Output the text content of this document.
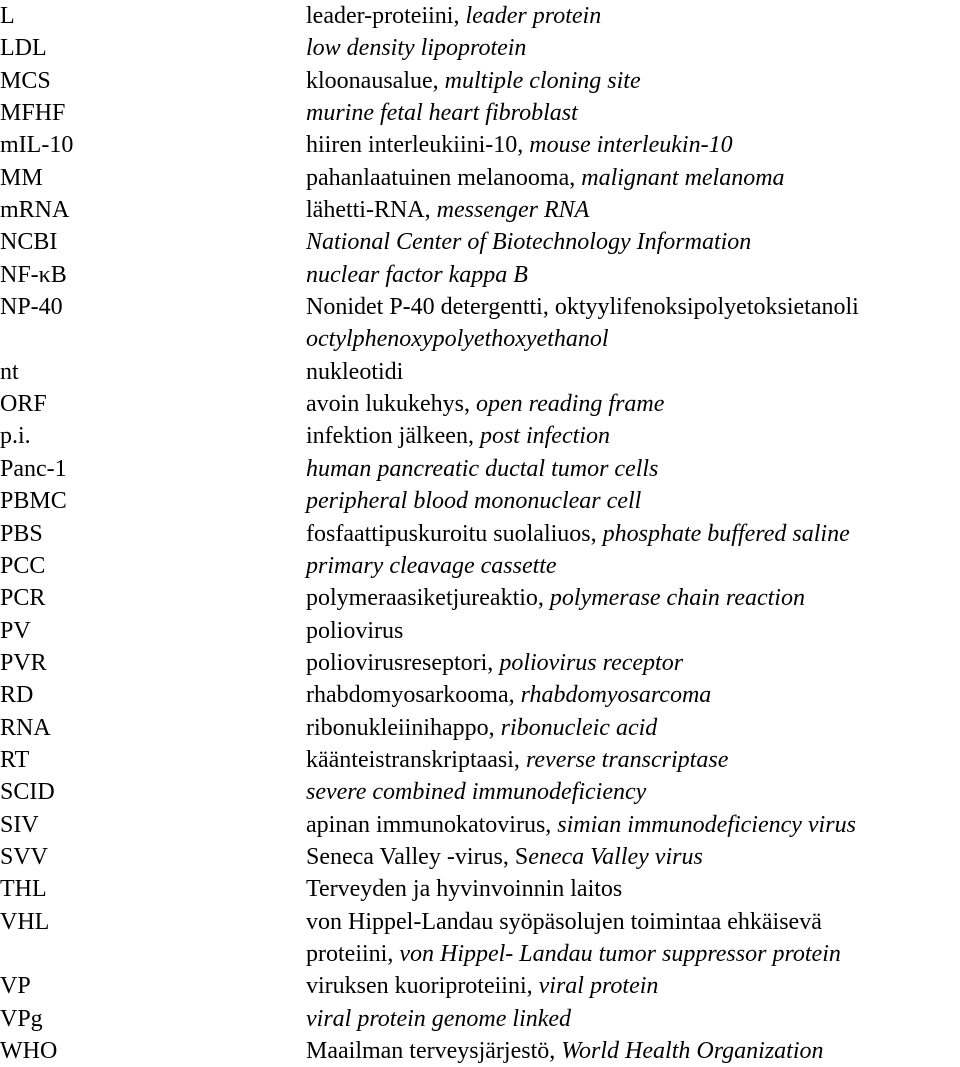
L	leader-proteiini, leader protein
LDL	low density lipoprotein
MCS	kloonausalue, multiple cloning site
MFHF	murine fetal heart fibroblast
mIL-10	hiiren interleukiini-10, mouse interleukin-10
MM	pahanlaatuinen melanooma, malignant melanoma
mRNA	lähetti-RNA, messenger RNA
NCBI	National Center of Biotechnology Information
NF-κB	nuclear factor kappa B
NP-40	Nonidet P-40 detergentti, oktyylifenoksipolyetoksietanoli
octylphenoxypolyethoxyethanol
nt	nukleotidi
ORF	avoin lukukehys, open reading frame
p.i.	infektion jälkeen, post infection
Panc-1	human pancreatic ductal tumor cells
PBMC	peripheral blood mononuclear cell
PBS	fosfaattipuskuroitu suolaliuos, phosphate buffered saline
PCC	primary cleavage cassette
PCR	polymeraasiketjureaktio, polymerase chain reaction
PV	poliovirus
PVR	poliovirusreseptori, poliovirus receptor
RD	rhabdomyosarkooma, rhabdomyosarcoma
RNA	ribonukleiinihappo, ribonucleic acid
RT	käänteistranskriptaasi, reverse transcriptase
SCID	severe combined immunodeficiency
SIV	apinan immunokatovirus, simian immunodeficiency virus
SVV	Seneca Valley -virus, Seneca Valley virus
THL	Terveyden ja hyvinvoinnin laitos
VHL	von Hippel-Landau syöpäsolujen toimintaa ehkäisevä
proteiini, von Hippel- Landau tumor suppressor protein
VP	viruksen kuoriproteiini, viral protein
VPg	viral protein genome linked
WHO	Maailman terveysjärjestö, World Health Organization
